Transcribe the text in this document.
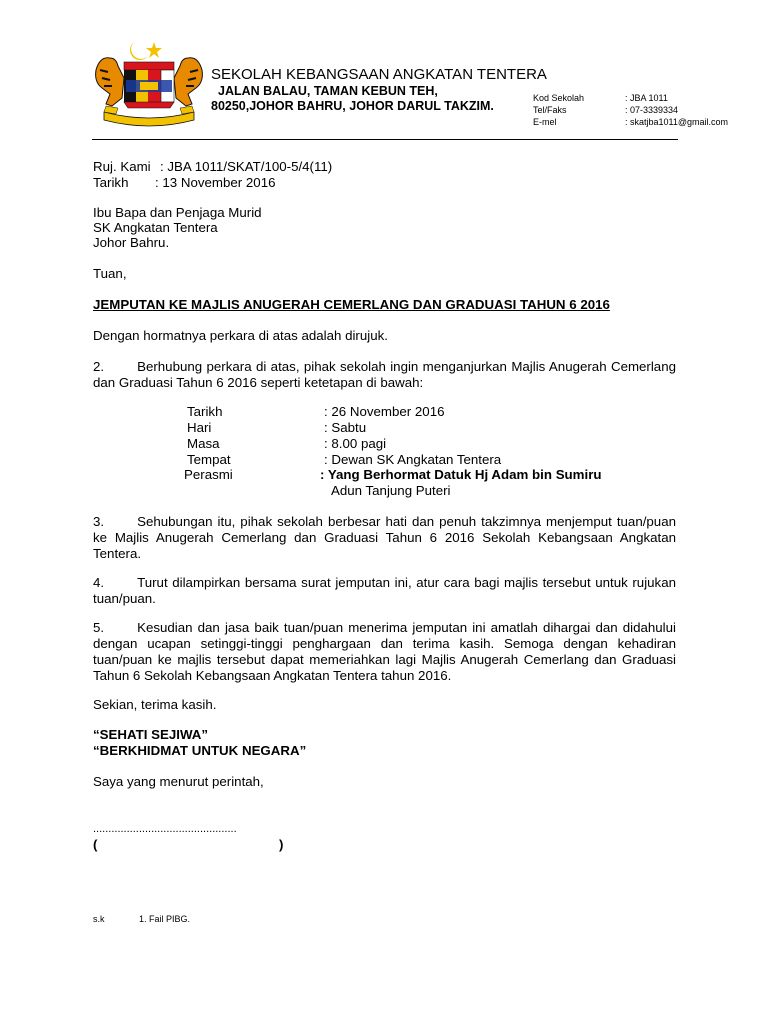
SEKOLAH KEBANGSAAN ANGKATAN TENTERA
JALAN BALAU, TAMAN KEBUN TEH,
80250,JOHOR BAHRU, JOHOR DARUL TAKZIM.
Kod Sekolah	: JBA 1011
Tel/Faks	: 07-3339334
E-mel	: skatjba1011@gmail.com
Ruj. Kami : JBA 1011/SKAT/100-5/4(11)
Tarikh : 13 November 2016
Ibu Bapa dan Penjaga Murid
SK Angkatan Tentera
Johor Bahru.
Tuan,
JEMPUTAN KE MAJLIS ANUGERAH CEMERLANG DAN GRADUASI TAHUN 6 2016
Dengan hormatnya perkara di atas adalah dirujuk.
2. Berhubung perkara di atas, pihak sekolah ingin menganjurkan Majlis Anugerah Cemerlang dan Graduasi Tahun 6 2016 seperti ketetapan di bawah:
Tarikh	: 26 November 2016
Hari	: Sabtu
Masa	: 8.00 pagi
Tempat	: Dewan SK Angkatan Tentera
Perasmi	: Yang Berhormat Datuk Hj Adam bin Sumiru
Adun Tanjung Puteri
3. Sehubungan itu, pihak sekolah berbesar hati dan penuh takzimnya menjemput tuan/puan ke Majlis Anugerah Cemerlang dan Graduasi Tahun 6 2016 Sekolah Kebangsaan Angkatan Tentera.
4. Turut dilampirkan bersama surat jemputan ini, atur cara bagi majlis tersebut untuk rujukan tuan/puan.
5. Kesudian dan jasa baik tuan/puan menerima jemputan ini amatlah dihargai dan didahului dengan ucapan setinggi-tinggi penghargaan dan terima kasih. Semoga dengan kehadiran tuan/puan ke majlis tersebut dapat memeriahkan lagi Majlis Anugerah Cemerlang dan Graduasi Tahun 6 Sekolah Kebangsaan Angkatan Tentera tahun 2016.
Sekian, terima kasih.
“SEHATI SEJIWA”
“BERKHIDMAT UNTUK NEGARA”
Saya yang menurut perintah,
...............................................
(	)
s.k	1. Fail PIBG.
